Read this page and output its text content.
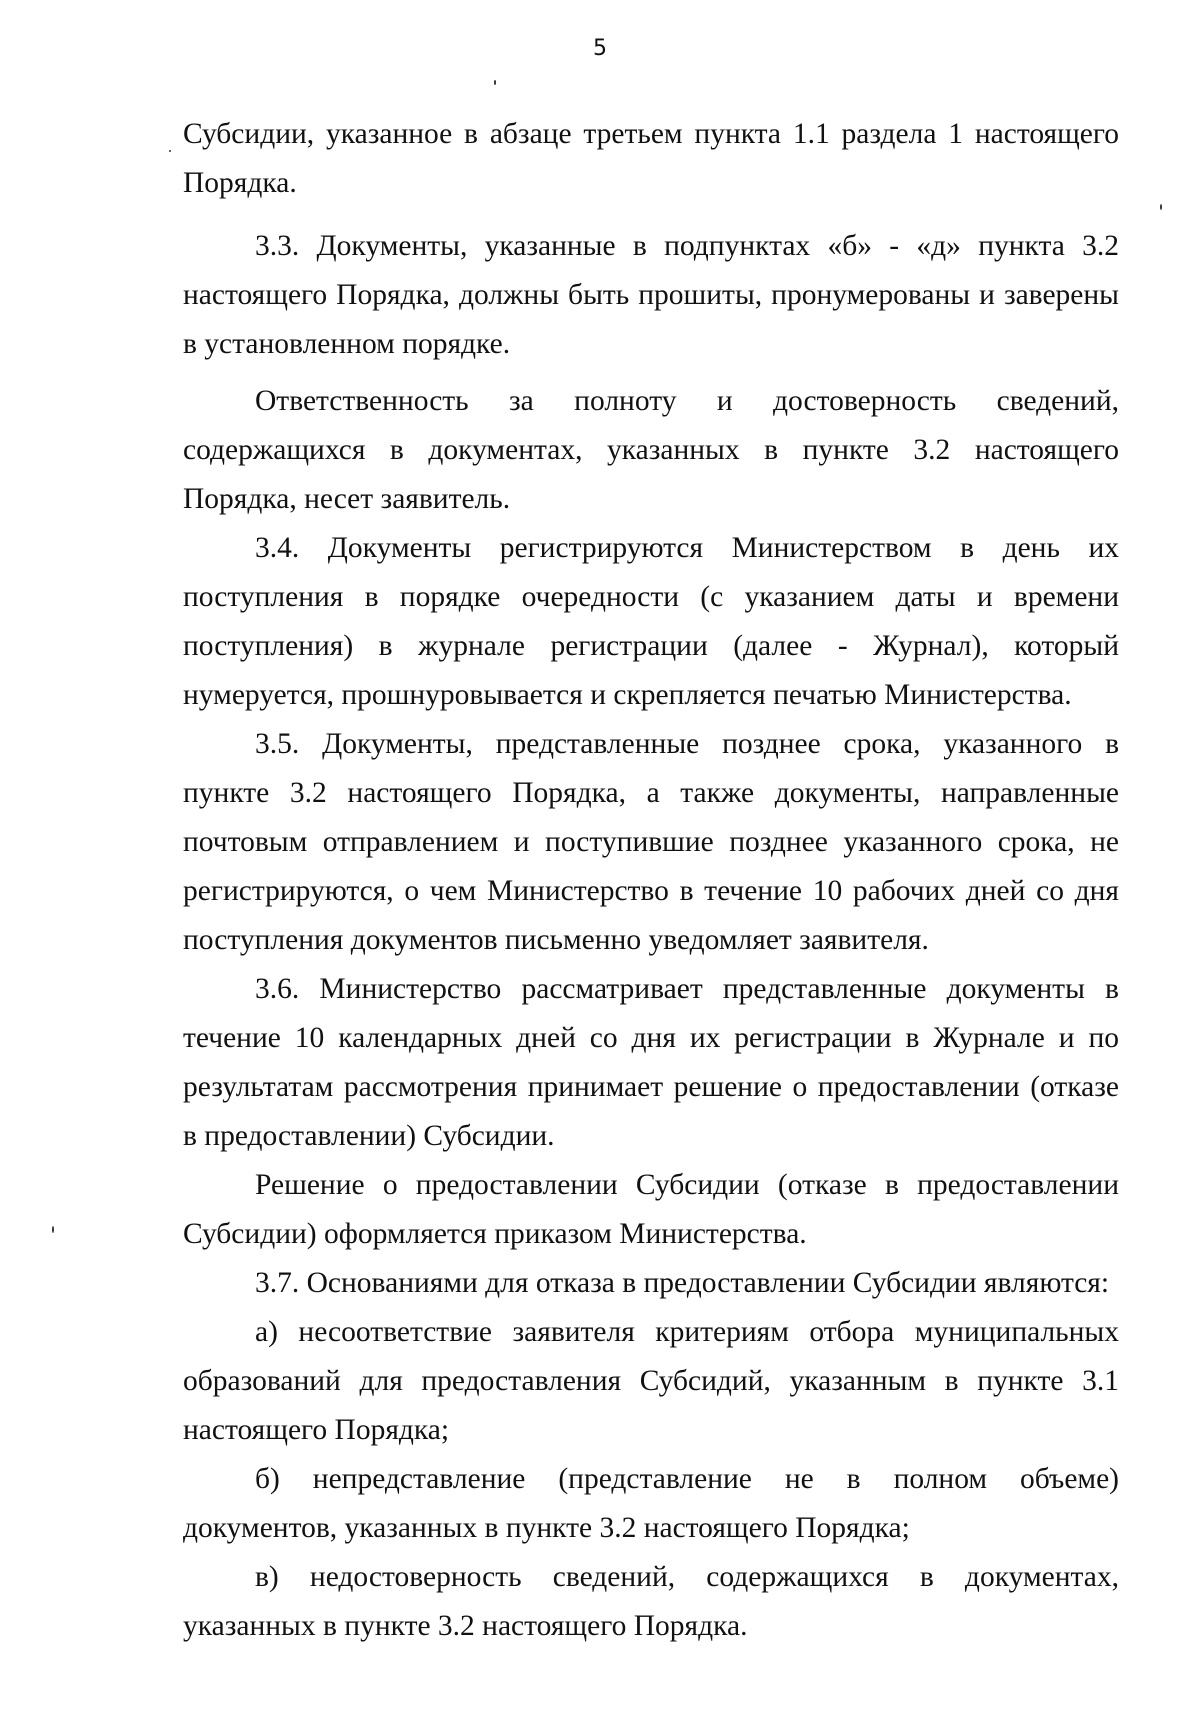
5

Субсидии, указанное в абзаце третьем пункта 1.1 раздела 1 настоящего Порядка.

3.3. Документы, указанные в подпунктах «б» - «д» пункта 3.2 настоящего Порядка, должны быть прошиты, пронумерованы и заверены в установленном порядке.

Ответственность за полноту и достоверность сведений, содержащихся в документах, указанных в пункте 3.2 настоящего Порядка, несет заявитель.

3.4. Документы регистрируются Министерством в день их поступления в порядке очередности (с указанием даты и времени поступления) в журнале регистрации (далее - Журнал), который нумеруется, прошнуровывается и скрепляется печатью Министерства.

3.5. Документы, представленные позднее срока, указанного в пункте 3.2 настоящего Порядка, а также документы, направленные почтовым отправлением и поступившие позднее указанного срока, не регистрируются, о чем Министерство в течение 10 рабочих дней со дня поступления документов письменно уведомляет заявителя.

3.6. Министерство рассматривает представленные документы в течение 10 календарных дней со дня их регистрации в Журнале и по результатам рассмотрения принимает решение о предоставлении (отказе в предоставлении) Субсидии.

Решение о предоставлении Субсидии (отказе в предоставлении Субсидии) оформляется приказом Министерства.

3.7. Основаниями для отказа в предоставлении Субсидии являются:

а) несоответствие заявителя критериям отбора муниципальных образований для предоставления Субсидий, указанным в пункте 3.1 настоящего Порядка;

б) непредставление (представление не в полном объеме) документов, указанных в пункте 3.2 настоящего Порядка;

в) недостоверность сведений, содержащихся в документах, указанных в пункте 3.2 настоящего Порядка.
